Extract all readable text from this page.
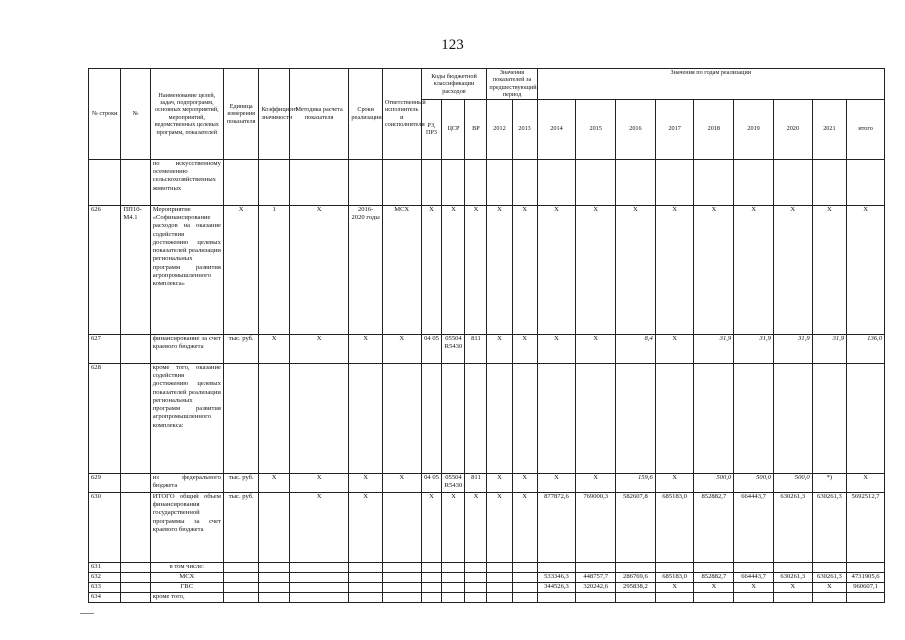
123
№ строки	№	Наименование целей, задач, подпрограмм, основных мероприятий, мероприятий, ведомственных целевых программ, показателей	Единица измерения показателя	Коэффициент значимости	Методика расчета показателя	Сроки реализации	Ответственный исполнитель и соисполнители	Коды бюджетной классификации расходов			Значения показателей за предшествующий период		Значения по годам реализации								
								РЗ, ПР3	ЦСР	ВР	2012	2013	2014	2015	2016	2017	2018	2019	2020	2021	итого
		по искусственному осеменению сельскохозяйственных животных																			
626	ПП10-М4.1	Мероприятие «Софинансирование расходов на оказание содействия достижению целевых показателей реализации региональных программ развития агропромышленного комплекса»	Х	1	Х	2016-2020 годы	МСХ	Х	Х	Х	Х	Х	Х	Х	Х	Х	Х	Х	Х	Х	Х
627		финансирование за счет краевого бюджета	тыс. руб.	Х	Х	Х	Х	04 05	05504 R5430	811	Х	Х	Х	Х	8,4	Х	31,9	31,9	31,9	31,9	136,0
628		кроме того, оказание содействия достижению целевых показателей реализации региональных программ развития агропромышленного комплекса:																			
629		из федерального бюджета	тыс. руб.	Х	Х	Х	Х	04 05	05504 R5430	811	Х	Х	Х	Х	159,6	Х	500,0	500,0	500,0	*)	Х
630		ИТОГО общий объем финансирования государственной программы за счет краевого бюджета	тыс. руб.		Х	Х		Х	Х	Х	Х	Х	877872,6	769000,3	582607,8	685183,0	852882,7	664443,7	630261,3	630261,3	5692512,7
631		в том числе:																			
632		МСХ											533346,3	448757,7	286769,6	685183,0	852882,7	664443,7	630261,3	630261,3	4731905,6
633		ГВС											344526,3	320242,6	295838,2	Х	Х	Х	Х	Х	960607,1
634		кроме того,																			
